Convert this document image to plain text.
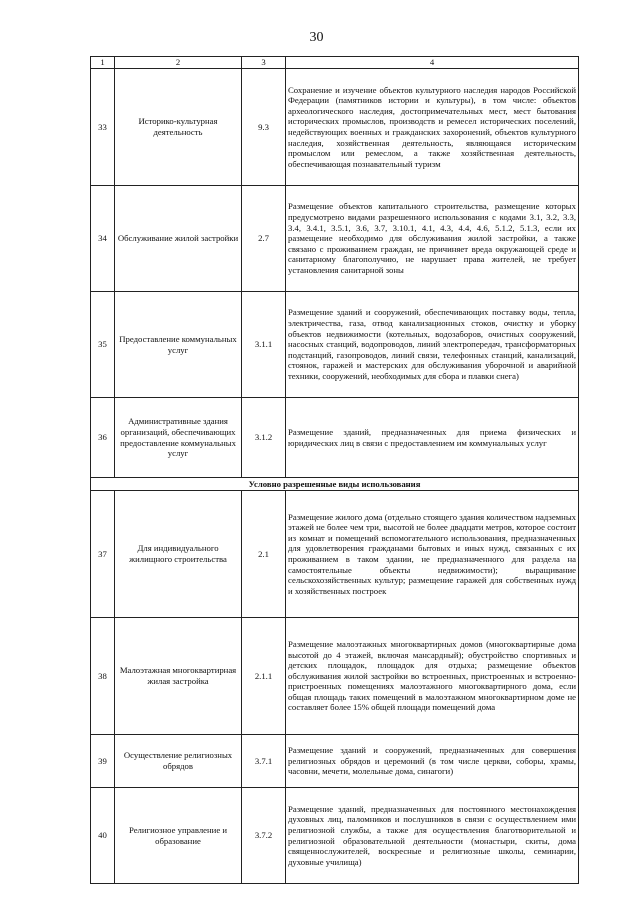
30
1	2	3	4
33	Историко-культурная деятельность	9.3	Сохранение и изучение объектов культурного наследия народов Российской Федерации (памятников истории и культуры), в том числе: объектов археологического наследия, достопримечательных мест, мест бытования исторических промыслов, производств и ремесел исторических поселений, недействующих военных и гражданских захоронений, объектов культурного наследия, хозяйственная деятельность, являющаяся историческим промыслом или ремеслом, а также хозяйственная деятельность, обеспечивающая познавательный туризм
34	Обслуживание жилой застройки	2.7	Размещение объектов капитального строительства, размещение которых предусмотрено видами разрешенного использования с кодами 3.1, 3.2, 3.3, 3.4, 3.4.1, 3.5.1, 3.6, 3.7, 3.10.1, 4.1, 4.3, 4.4, 4.6, 5.1.2, 5.1.3, если их размещение необходимо для обслуживания жилой застройки, а также связано с проживанием граждан, не причиняет вреда окружающей среде и санитарному благополучию, не нарушает права жителей, не требует установления санитарной зоны
35	Предоставление коммунальных услуг	3.1.1	Размещение зданий и сооружений, обеспечивающих поставку воды, тепла, электричества, газа, отвод канализационных стоков, очистку и уборку объектов недвижимости (котельных, водозаборов, очистных сооружений, насосных станций, водопроводов, линий электропередач, трансформаторных подстанций, газопроводов, линий связи, телефонных станций, канализаций, стоянок, гаражей и мастерских для обслуживания уборочной и аварийной техники, сооружений, необходимых для сбора и плавки снега)
36	Административные здания организаций, обеспечивающих предоставление коммунальных услуг	3.1.2	Размещение зданий, предназначенных для приема физических и юридических лиц в связи с предоставлением им коммунальных услуг
Условно разрешенные виды использования			
37	Для индивидуального жилищного строительства	2.1	Размещение жилого дома (отдельно стоящего здания количеством надземных этажей не более чем три, высотой не более двадцати метров, которое состоит из комнат и помещений вспомогательного использования, предназначенных для удовлетворения гражданами бытовых и иных нужд, связанных с их проживанием в таком здании, не предназначенного для раздела на самостоятельные объекты недвижимости); выращивание сельскохозяйственных культур; размещение гаражей для собственных нужд и хозяйственных построек
38	Малоэтажная многоквартирная жилая застройка	2.1.1	Размещение малоэтажных многоквартирных домов (многоквартирные дома высотой до 4 этажей, включая мансардный); обустройство спортивных и детских площадок, площадок для отдыха; размещение объектов обслуживания жилой застройки во встроенных, пристроенных и встроенно-пристроенных помещениях малоэтажного многоквартирного дома, если общая площадь таких помещений в малоэтажном многоквартирном доме не составляет более 15% общей площади помещений дома
39	Осуществление религиозных обрядов	3.7.1	Размещение зданий и сооружений, предназначенных для совершения религиозных обрядов и церемоний (в том числе церкви, соборы, храмы, часовни, мечети, молельные дома, синагоги)
40	Религиозное управление и образование	3.7.2	Размещение зданий, предназначенных для постоянного местонахождения духовных лиц, паломников и послушников в связи с осуществлением ими религиозной службы, а также для осуществления благотворительной и религиозной образовательной деятельности (монастыри, скиты, дома священнослужителей, воскресные и религиозные школы, семинарии, духовные училища)
